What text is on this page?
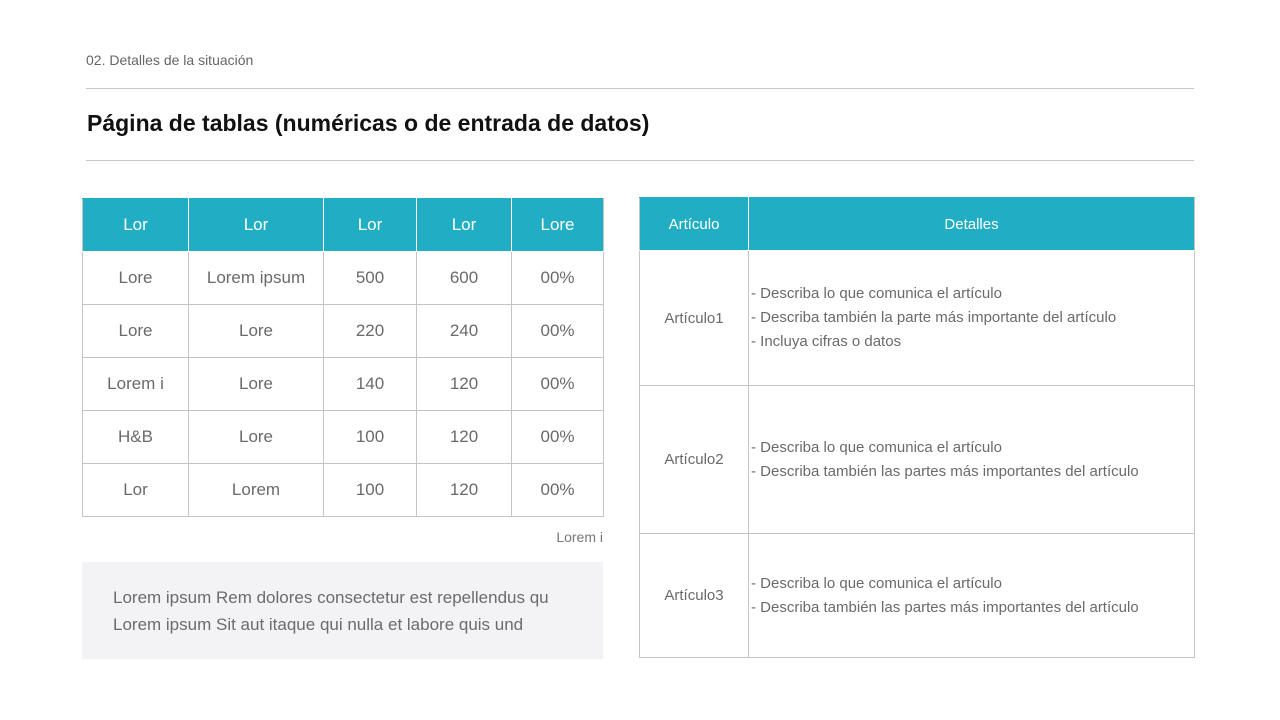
02. Detalles de la situación
Página de tablas (numéricas o de entrada de datos)
Lor	Lor	Lor	Lor	Lore
Lore	Lorem ipsum	500	600	00%
Lore	Lore	220	240	00%
Lorem i	Lore	140	120	00%
H&B	Lore	100	120	00%
Lor	Lorem	100	120	00%
Lorem i
Lorem ipsum Rem dolores consectetur est repellendus qu
Lorem ipsum Sit aut itaque qui nulla et labore quis und
Artículo	Detalles
Artículo1	- Describa lo que comunica el artículo
- Describa también la parte más importante del artículo
- Incluya cifras o datos

Artículo2	- Describa lo que comunica el artículo
- Describa también las partes más importantes del artículo

Artículo3	- Describa lo que comunica el artículo
- Describa también las partes más importantes del artículo
